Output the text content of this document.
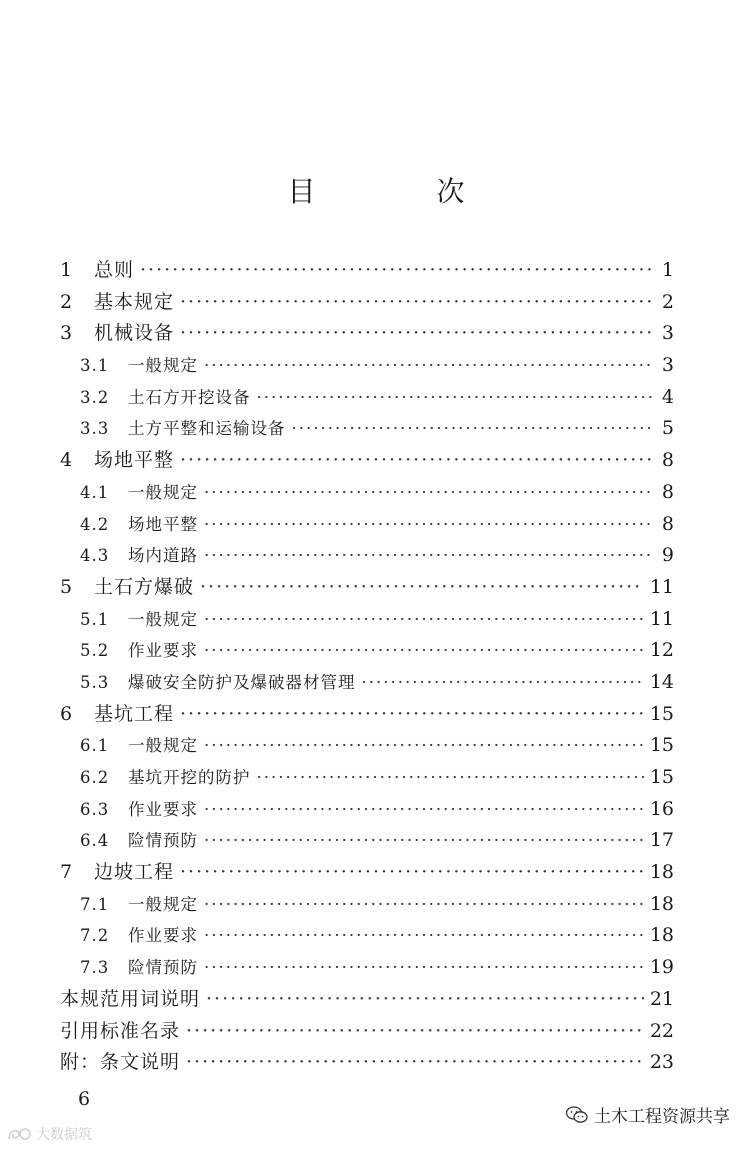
目 次
1	总则 ·····	1
2	基本规定 ·····	2
3	机械设备 ·····	3
3.1	一般规定 ·····	3
3.2	土石方开挖设备 ·····	4
3.3	土方平整和运输设备 ·····	5
4	场地平整 ·····	8
4.1	一般规定 ·····	8
4.2	场地平整 ·····	8
4.3	场内道路 ·····	9
5	土石方爆破 ·····	11
5.1	一般规定 ·····	11
5.2	作业要求 ·····	12
5.3	爆破安全防护及爆破器材管理 ·····	14
6	基坑工程 ·····	15
6.1	一般规定 ·····	15
6.2	基坑开挖的防护 ·····	15
6.3	作业要求 ·····	16
6.4	险情预防 ·····	17
7	边坡工程 ·····	18
7.1	一般规定 ·····	18
7.2	作业要求 ·····	18
7.3	险情预防 ·····	19
本规范用词说明 ·····	21
引用标准名录 ·····	22
附：条文说明 ·····	23
6
土木工程资源共享
大数据筑
